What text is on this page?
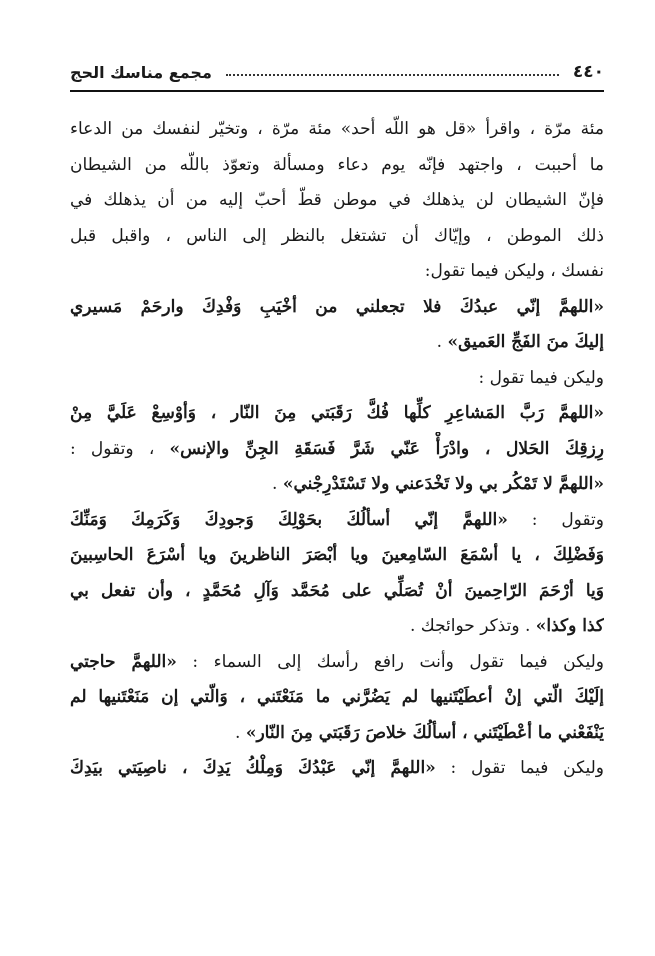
٤٤٠
مجمع مناسك الحج
مئة مرّة ، واقرأ «قل هو اللّه أحد» مئة مرّة ، وتخيّر لنفسك من الدعاء
ما أحببت ، واجتهد فإنّه يوم دعاء ومسألة وتعوّذ باللّه من الشيطان
فإنّ الشيطان لن يذهلك في موطن قطّ أحبّ إليه من أن يذهلك في
ذلك الموطن ، وإيّاك أن تشتغل بالنظر إلى الناس ، واقبل قبل
نفسك ، وليكن فيما تقول:
«اللهمَّ إنّي عبدُكَ فلا تجعلني من أخْيَبِ وَفْدِكَ وارحَمْ مَسيري
إليكَ منَ الفَجِّ العَميق» .
وليكن فيما تقول :
«اللهمَّ رَبَّ المَشاعِرِ كلِّها فُكَّ رَقَبَتي مِنَ النّار ، وَأوْسِعْ عَلَيَّ مِنْ
رِزقِكَ الحَلال ، وادْرَأْ عَنّي شَرَّ فَسَقَةِ الجِنِّ والإنس» ، وتقول :
«اللهمَّ لا تَمْكُر بي ولا تَخْدَعني ولا تَسْتَدْرِجْني» .
وتقول : «اللهمَّ إنّي أسألُكَ بحَوْلِكَ وَجودِكَ وَكَرَمِكَ وَمَنِّكَ
وَفَضْلِكَ ، يا أسْمَعَ السّامِعينَ ويا أبْصَرَ الناظرينَ ويا أسْرَعَ الحاسِبينَ
وَيا أرْحَمَ الرّاحِمينَ أنْ تُصَلِّي على مُحَمَّد وَآلِ مُحَمَّدٍ ، وأن تفعل بي
كذا وكذا» . وتذكر حوائجك .
وليكن فيما تقول وأنت رافع رأسك إلى السماء : «اللهمَّ حاجتي
إلَيْكَ الّتي إنْ أعطَيْتَنيها لم يَضُرَّني ما مَنَعْتَني ، وَالّتي إن مَنَعْتَنيها لم
يَنْفَعْني ما أعْطَيْتَني ، أسألُكَ خلاصَ رَقَبَتي مِنَ النّار» .
وليكن فيما تقول : «اللهمَّ إنّي عَبْدُكَ وَمِلْكُ يَدِكَ ، ناصِيَتي بيَدِكَ
